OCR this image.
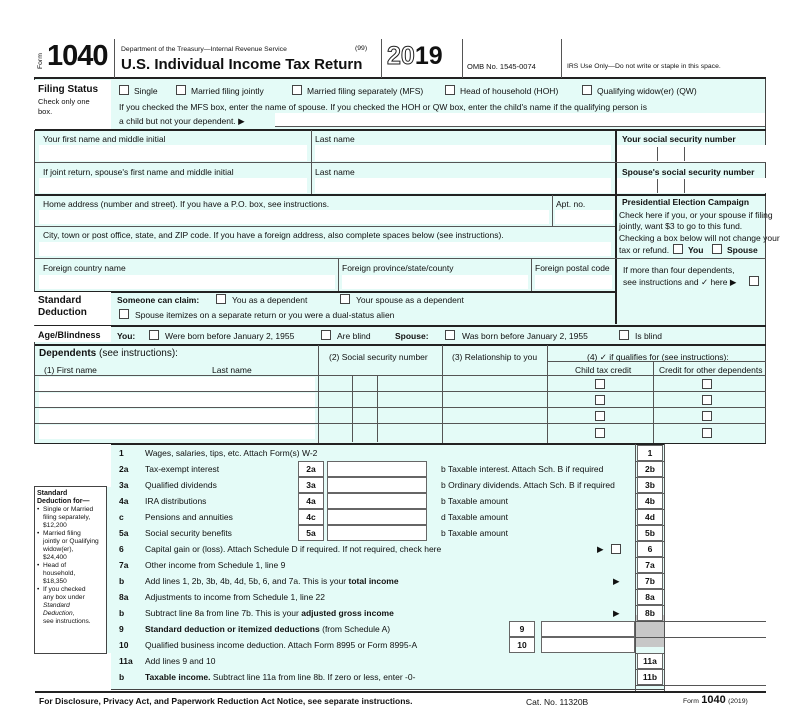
Form 1040 Department of the Treasury—Internal Revenue Service	(99)
U.S. Individual Income Tax Return 2019	OMB No. 1545-0074	IRS Use Only—Do not write or staple in this space.
Filing Status
Check only one box.
Single	Married filing jointly	Married filing separately (MFS)	Head of household (HOH)	Qualifying widow(er) (QW)
If you checked the MFS box, enter the name of spouse. If you checked the HOH or QW box, enter the child's name if the qualifying person is
a child but not your dependent. ▶
Your first name and middle initial	Last name	Your social security number
If joint return, spouse's first name and middle initial	Last name	Spouse's social security number
Home address (number and street). If you have a P.O. box, see instructions.	Apt. no.
City, town or post office, state, and ZIP code. If you have a foreign address, also complete spaces below (see instructions).
Presidential Election Campaign
Check here if you, or your spouse if filing
jointly, want $3 to go to this fund.
Checking a box below will not change your
tax or refund. You	Spouse
Foreign country name	Foreign province/state/county	Foreign postal code If more than four dependents,
see instructions and ✓ here ▶
Standard
Deduction
Someone can claim:	You as a dependent	Your spouse as a dependent
Spouse itemizes on a separate return or you were a dual-status alien
Age/Blindness You:	Were born before January 2, 1955	Are blind	Spouse:	Was born before January 2, 1955	Is blind
Dependents (see instructions):
(1) First name	Last name
(2) Social security number	(3) Relationship to you	(4) ✓ if qualifies for (see instructions):
Child tax credit	Credit for other dependents
Standard
Deduction for—
• Single or Married
filing separately,
$12,200
• Married filing
jointly or Qualifying
widow(er),
$24,400
• Head of
household,
$18,350
• If you checked
any box under
Standard
Deduction,
see instructions.
For Disclosure, Privacy Act, and Paperwork Reduction Act Notice, see separate instructions.	Cat. No. 11320B	Form 1040 (2019)
1	Wages, salaries, tips, etc. Attach Form(s) W-2	1
2a Tax-exempt interest	2a	b Taxable interest. Attach Sch. B if required	2b
3a Qualified dividends	3a	b Ordinary dividends. Attach Sch. B if required	3b
4a IRA distributions	4a	b Taxable amount	4b
c	Pensions and annuities	4c	d Taxable amount	4d
5a Social security benefits	5a	b Taxable amount	5b
6	Capital gain or (loss). Attach Schedule D if required. If not required, check here	6
▶
7a Other income from Schedule 1, line 9	7a
b Add lines 1, 2b, 3b, 4b, 4d, 5b, 6, and 7a. This is your total income	7b
▶
8a Adjustments to income from Schedule 1, line 22	8a
b Subtract line 8a from line 7b. This is your adjusted gross income	8b
▶
9	Standard deduction or itemized deductions (from Schedule A)	9
10 Qualified business income deduction. Attach Form 8995 or Form 8995-A	10
11a Add lines 9 and 10	11a
b Taxable income. Subtract line 11a from line 8b. If zero or less, enter -0-	11b
